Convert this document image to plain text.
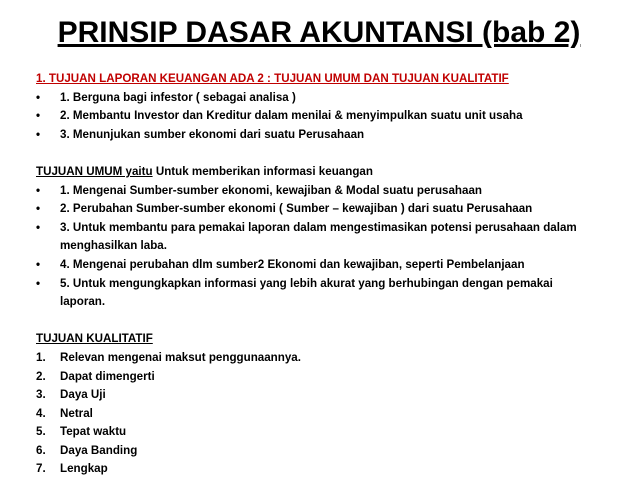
PRINSIP DASAR AKUNTANSI (bab 2)
1. TUJUAN LAPORAN KEUANGAN ADA 2 : TUJUAN UMUM DAN TUJUAN KUALITATIF
•	1. Berguna bagi infestor ( sebagai analisa )
•	2. Membantu Investor dan Kreditur dalam menilai & menyimpulkan suatu unit usaha
•	3. Menunjukan sumber ekonomi dari suatu Perusahaan
TUJUAN UMUM yaitu Untuk memberikan informasi keuangan
•	1. Mengenai Sumber-sumber ekonomi, kewajiban & Modal suatu perusahaan
•	2. Perubahan Sumber-sumber ekonomi ( Sumber – kewajiban ) dari suatu Perusahaan
•	3. Untuk membantu para pemakai laporan dalam mengestimasikan potensi perusahaan dalam menghasilkan laba.
•	4. Mengenai perubahan dlm sumber2 Ekonomi dan kewajiban, seperti Pembelanjaan
•	5. Untuk mengungkapkan informasi yang lebih akurat yang berhubingan dengan pemakai laporan.
TUJUAN KUALITATIF
1.	Relevan mengenai maksut penggunaannya.
2.	Dapat dimengerti
3.	Daya Uji
4.	Netral
5.	Tepat waktu
6.	Daya Banding
7.	Lengkap
